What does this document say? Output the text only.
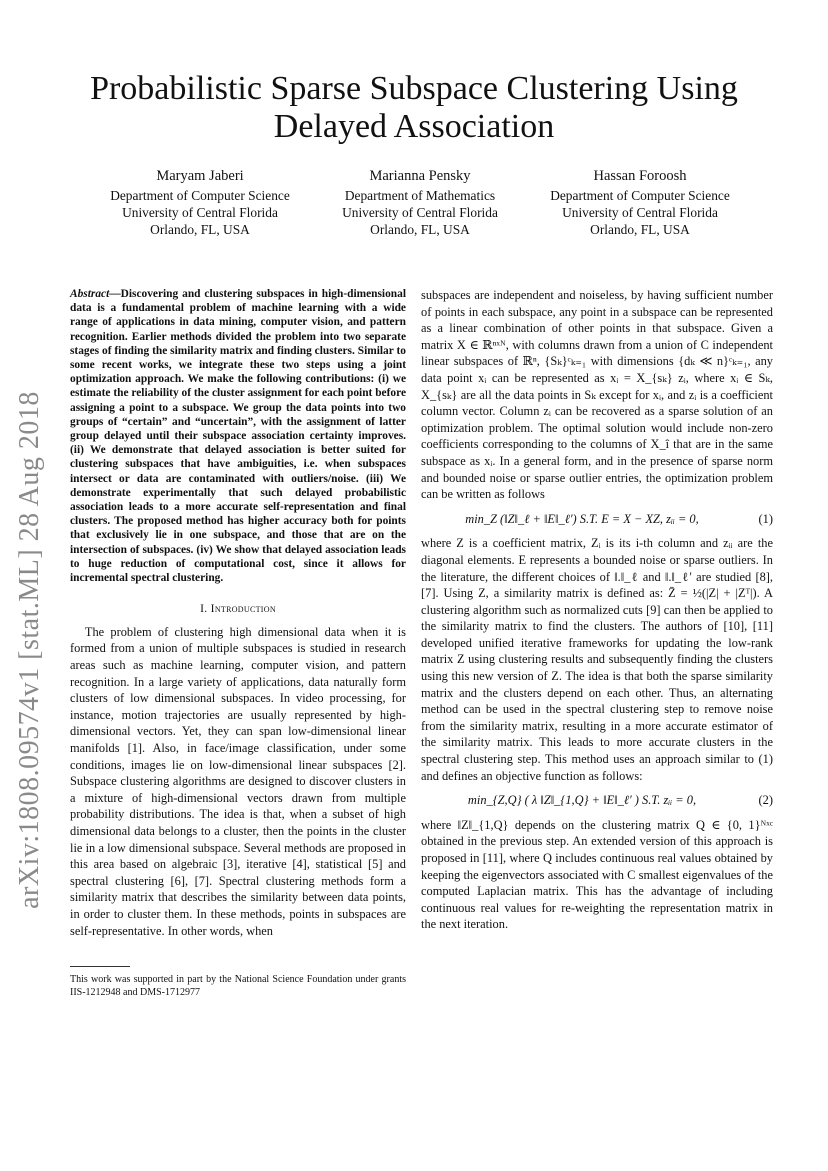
arXiv:1808.09574v1 [stat.ML] 28 Aug 2018
Probabilistic Sparse Subspace Clustering Using Delayed Association
Maryam Jaberi
Department of Computer Science
University of Central Florida
Orlando, FL, USA
Marianna Pensky
Department of Mathematics
University of Central Florida
Orlando, FL, USA
Hassan Foroosh
Department of Computer Science
University of Central Florida
Orlando, FL, USA

Abstract—Discovering and clustering subspaces in high-dimensional data is a fundamental problem of machine learning with a wide range of applications in data mining, computer vision, and pattern recognition. Earlier methods divided the problem into two separate stages of finding the similarity matrix and finding clusters. Similar to some recent works, we integrate these two steps using a joint optimization approach. We make the following contributions: (i) we estimate the reliability of the cluster assignment for each point before assigning a point to a subspace. We group the data points into two groups of “certain” and “uncertain”, with the assignment of latter group delayed until their subspace association certainty improves. (ii) We demonstrate that delayed association is better suited for clustering subspaces that have ambiguities, i.e. when subspaces intersect or data are contaminated with outliers/noise. (iii) We demonstrate experimentally that such delayed probabilistic association leads to a more accurate self-representation and final clusters. The proposed method has higher accuracy both for points that exclusively lie in one subspace, and those that are on the intersection of subspaces. (iv) We show that delayed association leads to huge reduction of computational cost, since it allows for incremental spectral clustering.

I. Introduction

The problem of clustering high dimensional data when it is formed from a union of multiple subspaces is studied in research areas such as machine learning, computer vision, and pattern recognition. In a large variety of applications, data naturally form clusters of low dimensional subspaces. In video processing, for instance, motion trajectories are usually represented by high-dimensional vectors. Yet, they can span low-dimensional linear manifolds [1]. Also, in face/image classification, under some conditions, images lie on low-dimensional linear subspaces [2]. Subspace clustering algorithms are designed to discover clusters in a mixture of high-dimensional vectors drawn from multiple probability distributions. The idea is that, when a subset of high dimensional data belongs to a cluster, then the points in the cluster lie in a low dimensional subspace. Several methods are proposed in this area based on algebraic [3], iterative [4], statistical [5] and spectral clustering [6], [7]. Spectral clustering methods form a similarity matrix that describes the similarity between data points, in order to cluster them. In these methods, points in subspaces are self-representative. In other words, when

This work was supported in part by the National Science Foundation under grants IIS-1212948 and DMS-1712977

subspaces are independent and noiseless, by having sufficient number of points in each subspace, any point in a subspace can be represented as a linear combination of other points in that subspace. Given a matrix X ∈ ℝⁿˣᴺ, with columns drawn from a union of C independent linear subspaces of ℝⁿ, {Sₖ}ᶜₖ₌₁ with dimensions {dₖ ≪ n}ᶜₖ₌₁, any data point xᵢ can be represented as xᵢ = X_{sₖ} zᵢ, where xᵢ ∈ Sₖ, X_{sₖ} are all the data points in Sₖ except for xᵢ, and zᵢ is a coefficient column vector. Column zᵢ can be recovered as a sparse solution of an optimization problem. The optimal solution would include non-zero coefficients corresponding to the columns of X_î that are in the same subspace as xᵢ. In a general form, and in the presence of sparse norm and bounded noise or sparse outlier entries, the optimization problem can be written as follows

min_Z (‖Z‖_ℓ + ‖E‖_ℓ′) S.T. E = X − XZ, zᵢᵢ = 0,	(1)

where Z is a coefficient matrix, Zᵢ is its i-th column and zᵢᵢ are the diagonal elements. E represents a bounded noise or sparse outliers. In the literature, the different choices of ‖.‖_ℓ and ‖.‖_ℓ′ are studied [8], [7]. Using Z, a similarity matrix is defined as: Z̄ = ½(|Z| + |Zᵀ|). A clustering algorithm such as normalized cuts [9] can then be applied to the similarity matrix to find the clusters. The authors of [10], [11] developed unified iterative frameworks for updating the low-rank matrix Z using clustering results and subsequently finding the clusters using this new version of Z. The idea is that both the sparse similarity matrix and the clusters depend on each other. Thus, an alternating method can be used in the spectral clustering step to remove noise from the similarity matrix, resulting in a more accurate estimator of the similarity matrix. This leads to more accurate clusters in the spectral clustering step. This method uses an approach similar to (1) and defines an objective function as follows:

min_{Z,Q} ( λ ‖Z‖_{1,Q} + ‖E‖_ℓ′ ) S.T. zᵢᵢ = 0,	(2)

where ‖Z‖_{1,Q} depends on the clustering matrix Q ∈ {0, 1}ᴺˣᶜ obtained in the previous step. An extended version of this approach is proposed in [11], where Q includes continuous real values obtained by keeping the eigenvectors associated with C smallest eigenvalues of the computed Laplacian matrix. This has the advantage of including continuous real values for re-weighting the representation matrix in the next iteration.
